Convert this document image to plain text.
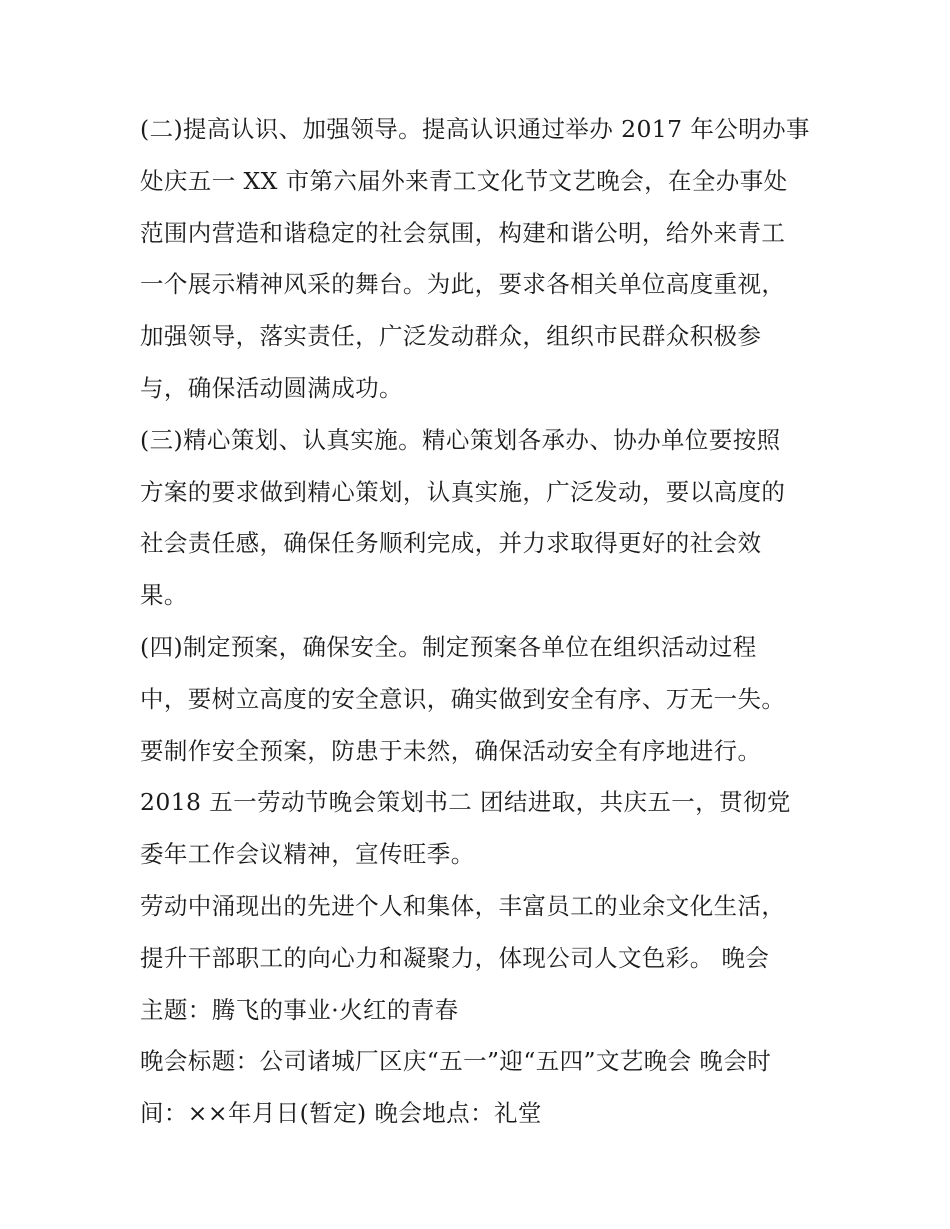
(二)提高认识、加强领导。提高认识通过举办 2017 年公明办事

处庆五一 XX 市第六届外来青工文化节文艺晚会，在全办事处

范围内营造和谐稳定的社会氛围，构建和谐公明，给外来青工

一个展示精神风采的舞台。为此，要求各相关单位高度重视，

加强领导，落实责任，广泛发动群众，组织市民群众积极参

与，确保活动圆满成功。

(三)精心策划、认真实施。精心策划各承办、协办单位要按照

方案的要求做到精心策划，认真实施，广泛发动，要以高度的

社会责任感，确保任务顺利完成，并力求取得更好的社会效

果。

(四)制定预案，确保安全。制定预案各单位在组织活动过程

中，要树立高度的安全意识，确实做到安全有序、万无一失。

要制作安全预案，防患于未然，确保活动安全有序地进行。

2018 五一劳动节晚会策划书二 团结进取，共庆五一，贯彻党

委年工作会议精神，宣传旺季。

劳动中涌现出的先进个人和集体，丰富员工的业余文化生活，

提升干部职工的向心力和凝聚力，体现公司人文色彩。 晚会

主题：腾飞的事业·火红的青春

晚会标题：公司诸城厂区庆“五一”迎“五四”文艺晚会 晚会时

间：××年月日(暂定) 晚会地点：礼堂
